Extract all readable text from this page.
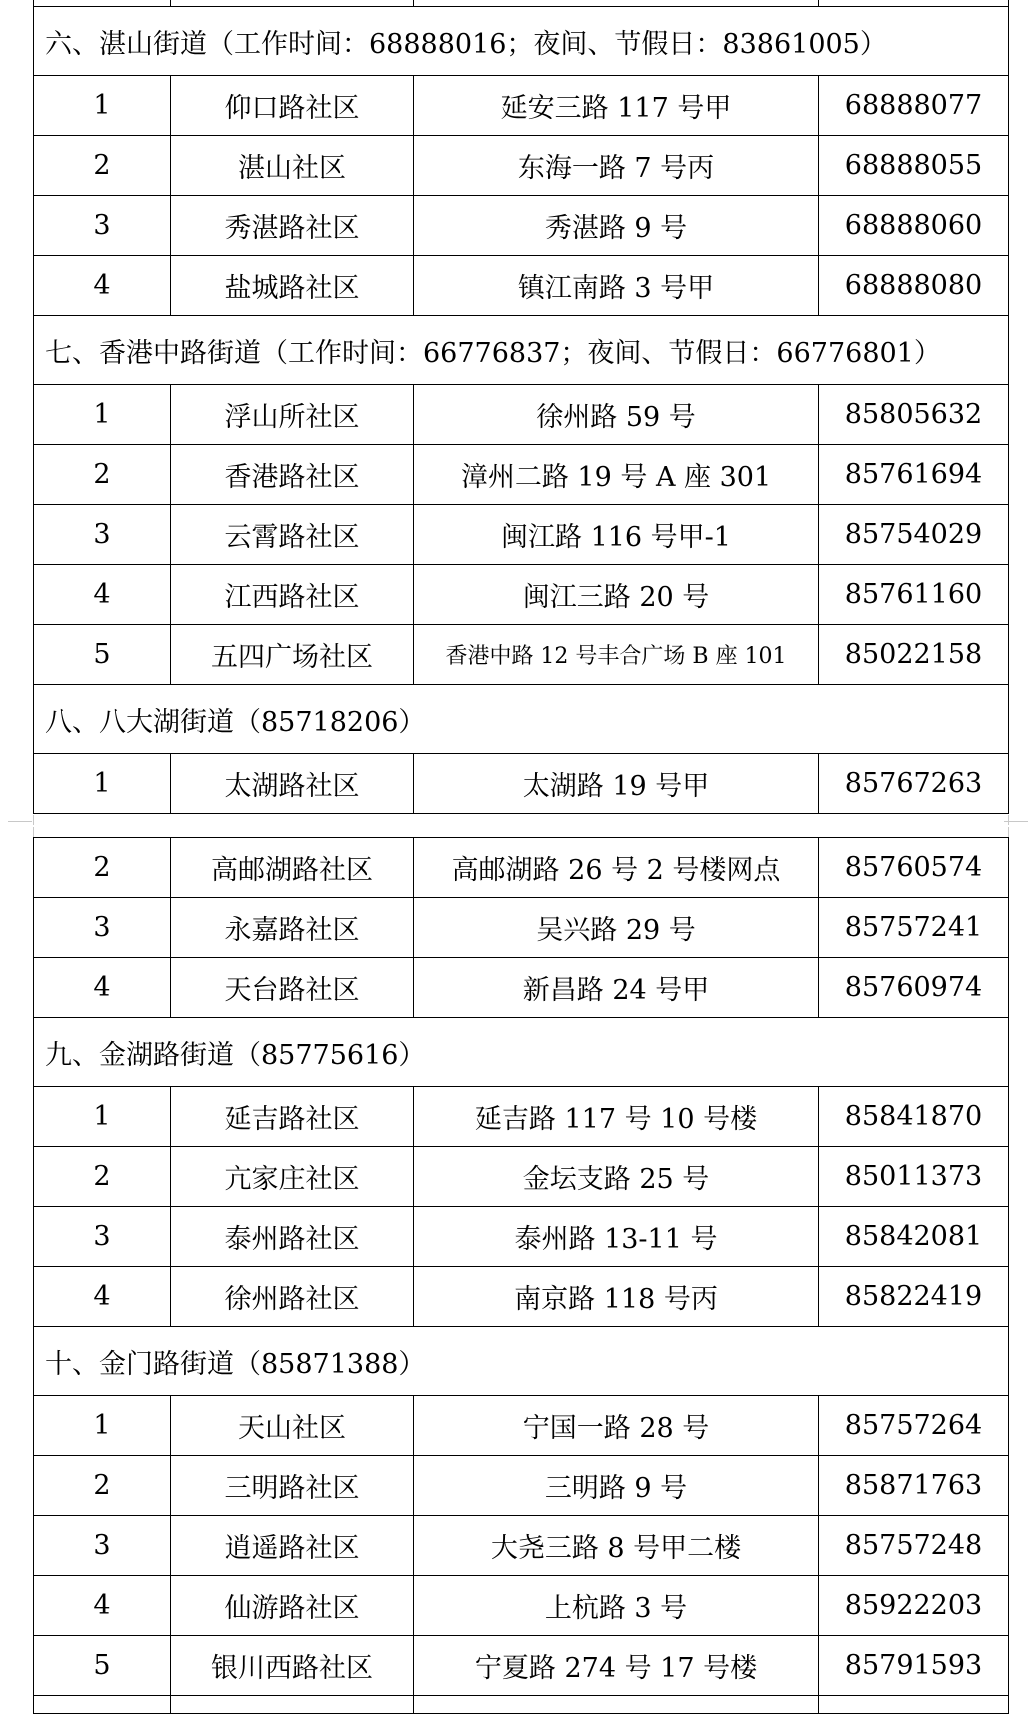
六、湛山街道（工作时间：68888016；夜间、节假日：83861005）			
1	仰口路社区	延安三路 117 号甲	68888077
2	湛山社区	东海一路 7 号丙	68888055
3	秀湛路社区	秀湛路 9 号	68888060
4	盐城路社区	镇江南路 3 号甲	68888080
七、香港中路街道（工作时间：66776837；夜间、节假日：66776801）			
1	浮山所社区	徐州路 59 号	85805632
2	香港路社区	漳州二路 19 号 A 座 301	85761694
3	云霄路社区	闽江路 116 号甲-1	85754029
4	江西路社区	闽江三路 20 号	85761160
5	五四广场社区	香港中路 12 号丰合广场 B 座 101	85022158
八、八大湖街道（85718206）			
1	太湖路社区	太湖路 19 号甲	85767263
2	高邮湖路社区	高邮湖路 26 号 2 号楼网点	85760574
3	永嘉路社区	吴兴路 29 号	85757241
4	天台路社区	新昌路 24 号甲	85760974
九、金湖路街道（85775616）			
1	延吉路社区	延吉路 117 号 10 号楼	85841870
2	亢家庄社区	金坛支路 25 号	85011373
3	泰州路社区	泰州路 13-11 号	85842081
4	徐州路社区	南京路 118 号丙	85822419
十、金门路街道（85871388）			
1	天山社区	宁国一路 28 号	85757264
2	三明路社区	三明路 9 号	85871763
3	逍遥路社区	大尧三路 8 号甲二楼	85757248
4	仙游路社区	上杭路 3 号	85922203
5	银川西路社区	宁夏路 274 号 17 号楼	85791593
